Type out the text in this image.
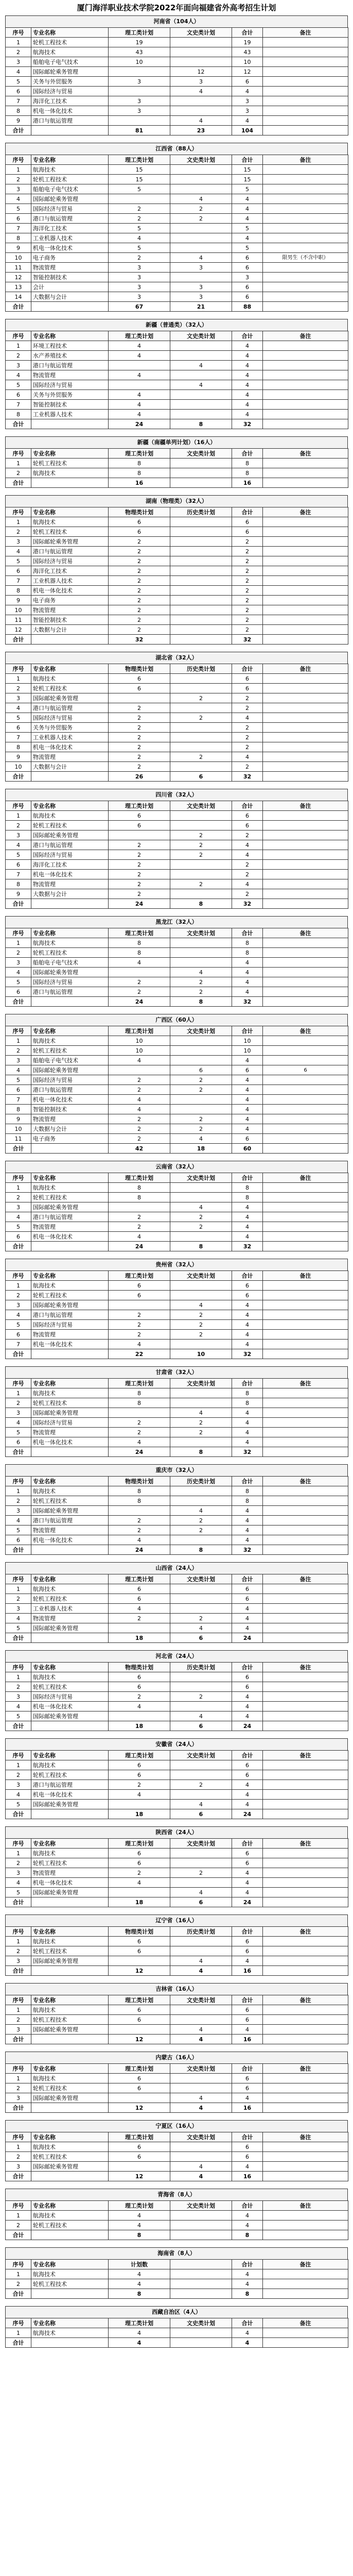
厦门海洋职业技术学院2022年面向福建省外高考招生计划
河南省（104人）
序号	专业名称	理工类计划	文史类计划	合计	备注
1	轮机工程技术	19		19	
2	航海技术	43		43	
3	船舶电子电气技术	10		10	
4	国际邮轮乘务管理		12	12	
5	关务与外贸服务	3	3	6	
6	国际经济与贸易		4	4	
7	海洋化工技术	3		3	
8	机电一体化技术	3		3	
9	港口与航运管理		4	4	
合计		81	23	104	
江西省（88人）
序号	专业名称	理工类计划	文史类计划	合计	备注
1	航海技术	15		15	
2	轮机工程技术	15		15	
3	船舶电子电气技术	5		5	
4	国际邮轮乘务管理		4	4	
5	国际经济与贸易	2	2	4	
6	港口与航运管理	2	2	4	
7	海洋化工技术	5		5	
8	工业机器人技术	4		4	
9	机电一体化技术	5		5	
10	电子商务	2	4	6	限男生（不含中职）
11	物流管理	3	3	6	
12	智能控制技术	3		3	
13	会计	3	3	6	
14	大数据与会计	3	3	6	
合计		67	21	88	
新疆（普通类）（32人）
序号	专业名称	理工类计划	文史类计划	合计	备注
1	环境工程技术	4		4	
2	水产养殖技术	4		4	
3	港口与航运管理		4	4	
4	物流管理	4		4	
5	国际经济与贸易		4	4	
6	关务与外贸服务	4		4	
7	智能控制技术	4		4	
8	工业机器人技术	4		4	
合计		24	8	32	
新疆（南疆单列计划）（16人）
序号	专业名称	理工类计划	文史类计划	合计	备注
1	轮机工程技术	8		8	
2	航海技术	8		8	
合计		16		16	
湖南（物理类）（32人）
序号	专业名称	物理类计划	历史类计划	合计	备注
1	航海技术	6		6	
2	轮机工程技术	6		6	
3	国际邮轮乘务管理	2		2	
4	港口与航运管理	2		2	
5	国际经济与贸易	2		2	
6	海洋化工技术	2		2	
7	工业机器人技术	2		2	
8	机电一体化技术	2		2	
9	电子商务	2		2	
10	物流管理	2		2	
11	智能控制技术	2		2	
12	大数据与会计	2		2	
合计		32		32	
湖北省（32人）
序号	专业名称	物理类计划	历史类计划	合计	备注
1	航海技术	6		6	
2	轮机工程技术	6		6	
3	国际邮轮乘务管理		2	2	
4	港口与航运管理	2		2	
5	国际经济与贸易	2	2	4	
6	关务与外贸服务	2		2	
7	工业机器人技术	2		2	
8	机电一体化技术	2		2	
9	物流管理	2	2	4	
10	大数据与会计	2		2	
合计		26	6	32	
四川省（32人）
序号	专业名称	理工类计划	文史类计划	合计	备注
1	航海技术	6		6	
2	轮机工程技术	6		6	
3	国际邮轮乘务管理		2	2	
4	港口与航运管理	2	2	4	
5	国际经济与贸易	2	2	4	
6	海洋化工技术	2		2	
7	机电一体化技术	2		2	
8	物流管理	2	2	4	
9	大数据与会计	2		2	
合计		24	8	32	
黑龙江（32人）
序号	专业名称	理工类计划	文史类计划	合计	备注
1	航海技术	8		8	
2	轮机工程技术	8		8	
3	船舶电子电气技术	4		4	
4	国际邮轮乘务管理		4	4	
5	国际经济与贸易	2	2	4	
6	港口与航运管理	2	2	4	
合计		24	8	32	
广西区（60人）
序号	专业名称	理工类计划	文史类计划	合计	备注
1	航海技术	10		10	
2	轮机工程技术	10		10	
3	船舶电子电气技术	4		4	
4	国际邮轮乘务管理		6	6	6
5	国际经济与贸易	2	2	4	
6	港口与航运管理	2	2	4	
7	机电一体化技术	4		4	
8	智能控制技术	4		4	
9	物流管理	2	2	4	
10	大数据与会计	2	2	4	
11	电子商务	2	4	6	
合计		42	18	60	
云南省（32人）
序号	专业名称	理工类计划	文史类计划	合计	备注
1	航海技术	8		8	
2	轮机工程技术	8		8	
3	国际邮轮乘务管理		4	4	
4	港口与航运管理	2	2	4	
5	物流管理	2	2	4	
6	机电一体化技术	4		4	
合计		24	8	32	
贵州省（32人）
序号	专业名称	理工类计划	文史类计划	合计	备注
1	航海技术	6		6	
2	轮机工程技术	6		6	
3	国际邮轮乘务管理		4	4	
4	港口与航运管理	2	2	4	
5	国际经济与贸易	2	2	4	
6	物流管理	2	2	4	
7	机电一体化技术	4		4	
合计		22	10	32	
甘肃省（32人）
序号	专业名称	理工类计划	文史类计划	合计	备注
1	航海技术	8		8	
2	轮机工程技术	8		8	
3	国际邮轮乘务管理		4	4	
4	国际经济与贸易	2	2	4	
5	物流管理	2	2	4	
6	机电一体化技术	4		4	
合计		24	8	32	
重庆市（32人）
序号	专业名称	物理类计划	历史类计划	合计	备注
1	航海技术	8		8	
2	轮机工程技术	8		8	
3	国际邮轮乘务管理		4	4	
4	港口与航运管理	2	2	4	
5	物流管理	2	2	4	
6	机电一体化技术	4		4	
合计		24	8	32	
山西省（24人）
序号	专业名称	理工类计划	文史类计划	合计	备注
1	航海技术	6		6	
2	轮机工程技术	6		6	
3	工业机器人技术	4		4	
4	物流管理	2	2	4	
5	国际邮轮乘务管理		4	4	
合计		18	6	24	
河北省（24人）
序号	专业名称	物理类计划	历史类计划	合计	备注
1	航海技术	6		6	
2	轮机工程技术	6		6	
3	国际经济与贸易	2	2	4	
4	机电一体化技术	4		4	
5	国际邮轮乘务管理		4	4	
合计		18	6	24	
安徽省（24人）
序号	专业名称	理工类计划	文史类计划	合计	备注
1	航海技术	6		6	
2	轮机工程技术	6		6	
3	港口与航运管理	2	2	4	
4	机电一体化技术	4		4	
5	国际邮轮乘务管理		4	4	
合计		18	6	24	
陕西省（24人）
序号	专业名称	理工类计划	文史类计划	合计	备注
1	航海技术	6		6	
2	轮机工程技术	6		6	
3	物流管理	2	2	4	
4	机电一体化技术	4		4	
5	国际邮轮乘务管理		4	4	
合计		18	6	24	
辽宁省（16人）
序号	专业名称	物理类计划	历史类计划	合计	备注
1	航海技术	6		6	
2	轮机工程技术	6		6	
3	国际邮轮乘务管理		4	4	
合计		12	4	16	
吉林省（16人）
序号	专业名称	理工类计划	文史类计划	合计	备注
1	航海技术	6		6	
2	轮机工程技术	6		6	
3	国际邮轮乘务管理		4	4	
合计		12	4	16	
内蒙古（16人）
序号	专业名称	理工类计划	文史类计划	合计	备注
1	航海技术	6		6	
2	轮机工程技术	6		6	
3	国际邮轮乘务管理		4	4	
合计		12	4	16	
宁夏区（16人）
序号	专业名称	理工类计划	文史类计划	合计	备注
1	航海技术	6		6	
2	轮机工程技术	6		6	
3	国际邮轮乘务管理		4	4	
合计		12	4	16	
青海省（8人）
序号	专业名称	理工类计划	文史类计划	合计	备注
1	航海技术	4		4	
2	轮机工程技术	4		4	
合计		8		8	
海南省（8人）
序号	专业名称	计划数		合计	备注
1	航海技术	4		4	
2	轮机工程技术	4		4	
合计		8		8	
西藏自治区（4人）
序号	专业名称	理工类计划	文史类计划	合计	备注
1	航海技术	4		4	
合计		4		4	
